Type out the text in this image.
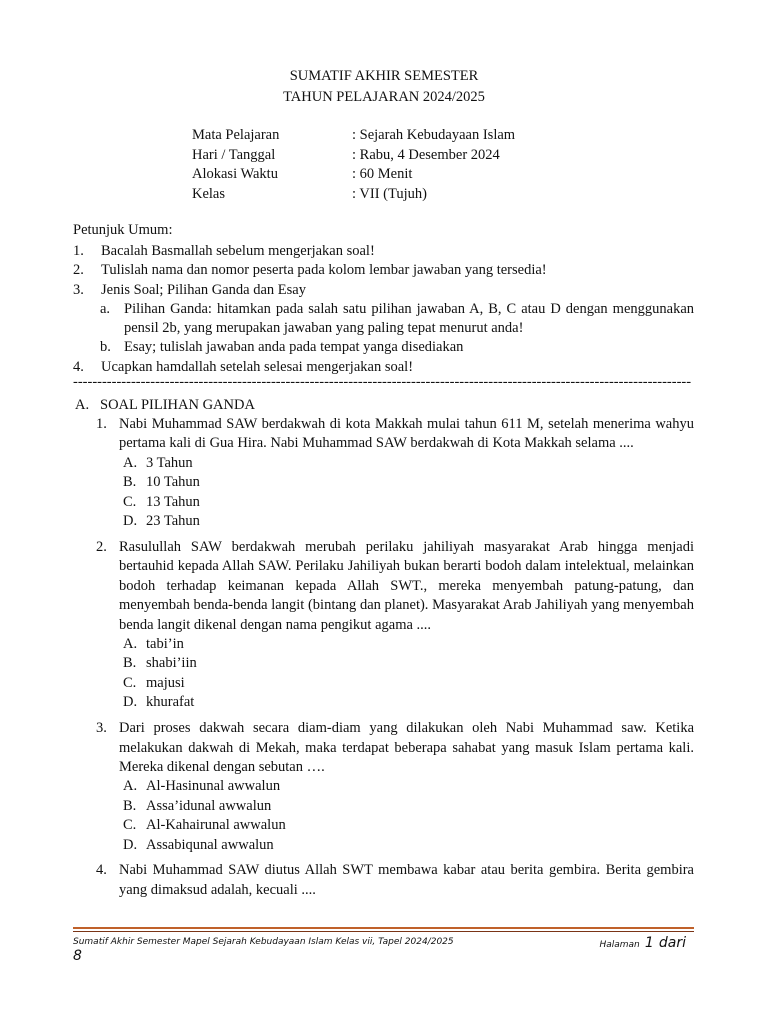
SUMATIF AKHIR SEMESTER
TAHUN PELAJARAN 2024/2025
Mata Pelajaran	: Sejarah Kebudayaan Islam
Hari / Tanggal	: Rabu, 4 Desember 2024
Alokasi Waktu	: 60 Menit
Kelas	: VII (Tujuh)
Petunjuk Umum:
1. Bacalah Basmallah sebelum mengerjakan soal!
2. Tulislah nama dan nomor peserta pada kolom lembar jawaban yang tersedia!
3. Jenis Soal; Pilihan Ganda dan Esay
a. Pilihan Ganda: hitamkan pada salah satu pilihan jawaban A, B, C atau D dengan menggunakan pensil 2b, yang merupakan jawaban yang paling tepat menurut anda!
b. Esay; tulislah jawaban anda pada tempat yanga disediakan
4. Ucapkan hamdallah setelah selesai mengerjakan soal!
--------------------------------------------------------------------------------------------------------------------------------
A. SOAL PILIHAN GANDA
1. Nabi Muhammad SAW berdakwah di kota Makkah mulai tahun 611 M, setelah menerima wahyu pertama kali di Gua Hira. Nabi Muhammad SAW berdakwah di Kota Makkah selama ....
A. 3 Tahun
B. 10 Tahun
C. 13 Tahun
D. 23 Tahun
2. Rasulullah SAW berdakwah merubah perilaku jahiliyah masyarakat Arab hingga menjadi bertauhid kepada Allah SAW. Perilaku Jahiliyah bukan berarti bodoh dalam intelektual, melainkan bodoh terhadap keimanan kepada Allah SWT., mereka menyembah patung-patung, dan menyembah benda-benda langit (bintang dan planet). Masyarakat Arab Jahiliyah yang menyembah benda langit dikenal dengan nama pengikut agama ....
A. tabi’in
B. shabi’iin
C. majusi
D. khurafat
3. Dari proses dakwah secara diam-diam yang dilakukan oleh Nabi Muhammad saw. Ketika melakukan dakwah di Mekah, maka terdapat beberapa sahabat yang masuk Islam pertama kali. Mereka dikenal dengan sebutan ….
A. Al-Hasinunal awwalun
B. Assa’idunal awwalun
C. Al-Kahairunal awwalun
D. Assabiqunal awwalun
4. Nabi Muhammad SAW diutus Allah SWT membawa kabar atau berita gembira. Berita gembira yang dimaksud adalah, kecuali ....
Sumatif Akhir Semester Mapel Sejarah Kebudayaan Islam Kelas vii, Tapel 2024/2025	Halaman 1 dari
8
